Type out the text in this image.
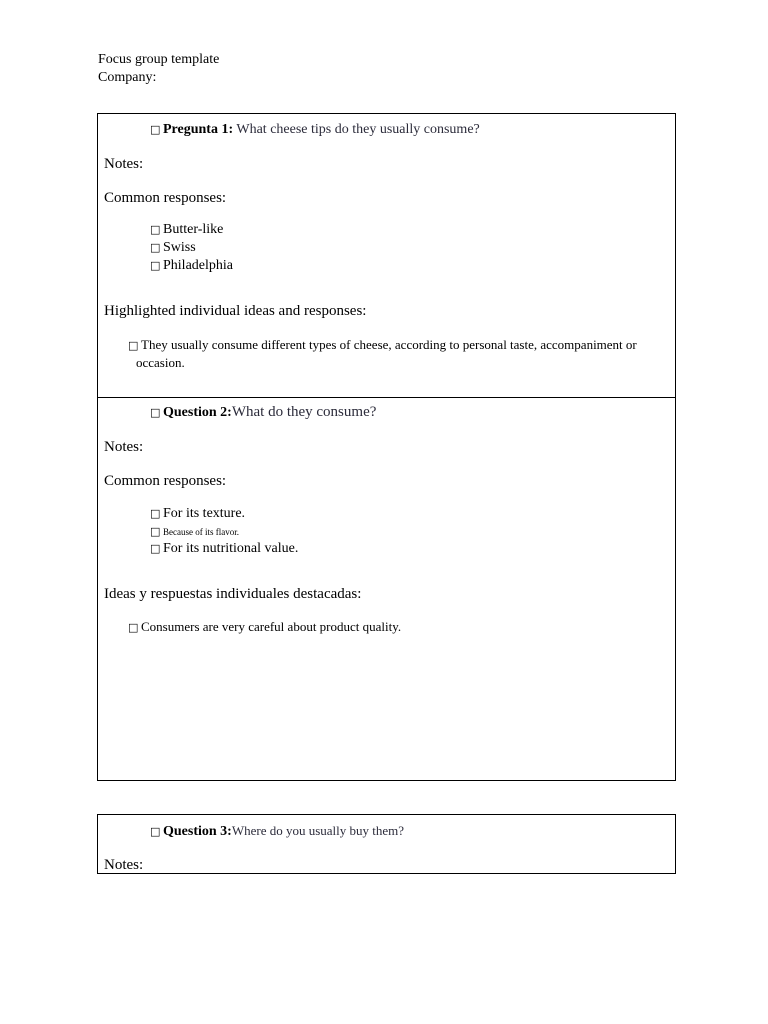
Focus group template
Company:
□ Pregunta 1: What cheese tips do they usually consume?
Notes:
Common responses:
□ Butter-like
□ Swiss
□ Philadelphia
Highlighted individual ideas and responses:
□ They usually consume different types of cheese, according to personal taste, accompaniment or
occasion.
□ Question 2:What do they consume?
Notes:
Common responses:
□ For its texture.
□ Because of its flavor.
□ For its nutritional value.
Ideas y respuestas individuales destacadas:
□ Consumers are very careful about product quality.
□ Question 3:Where do you usually buy them?
Notes:
